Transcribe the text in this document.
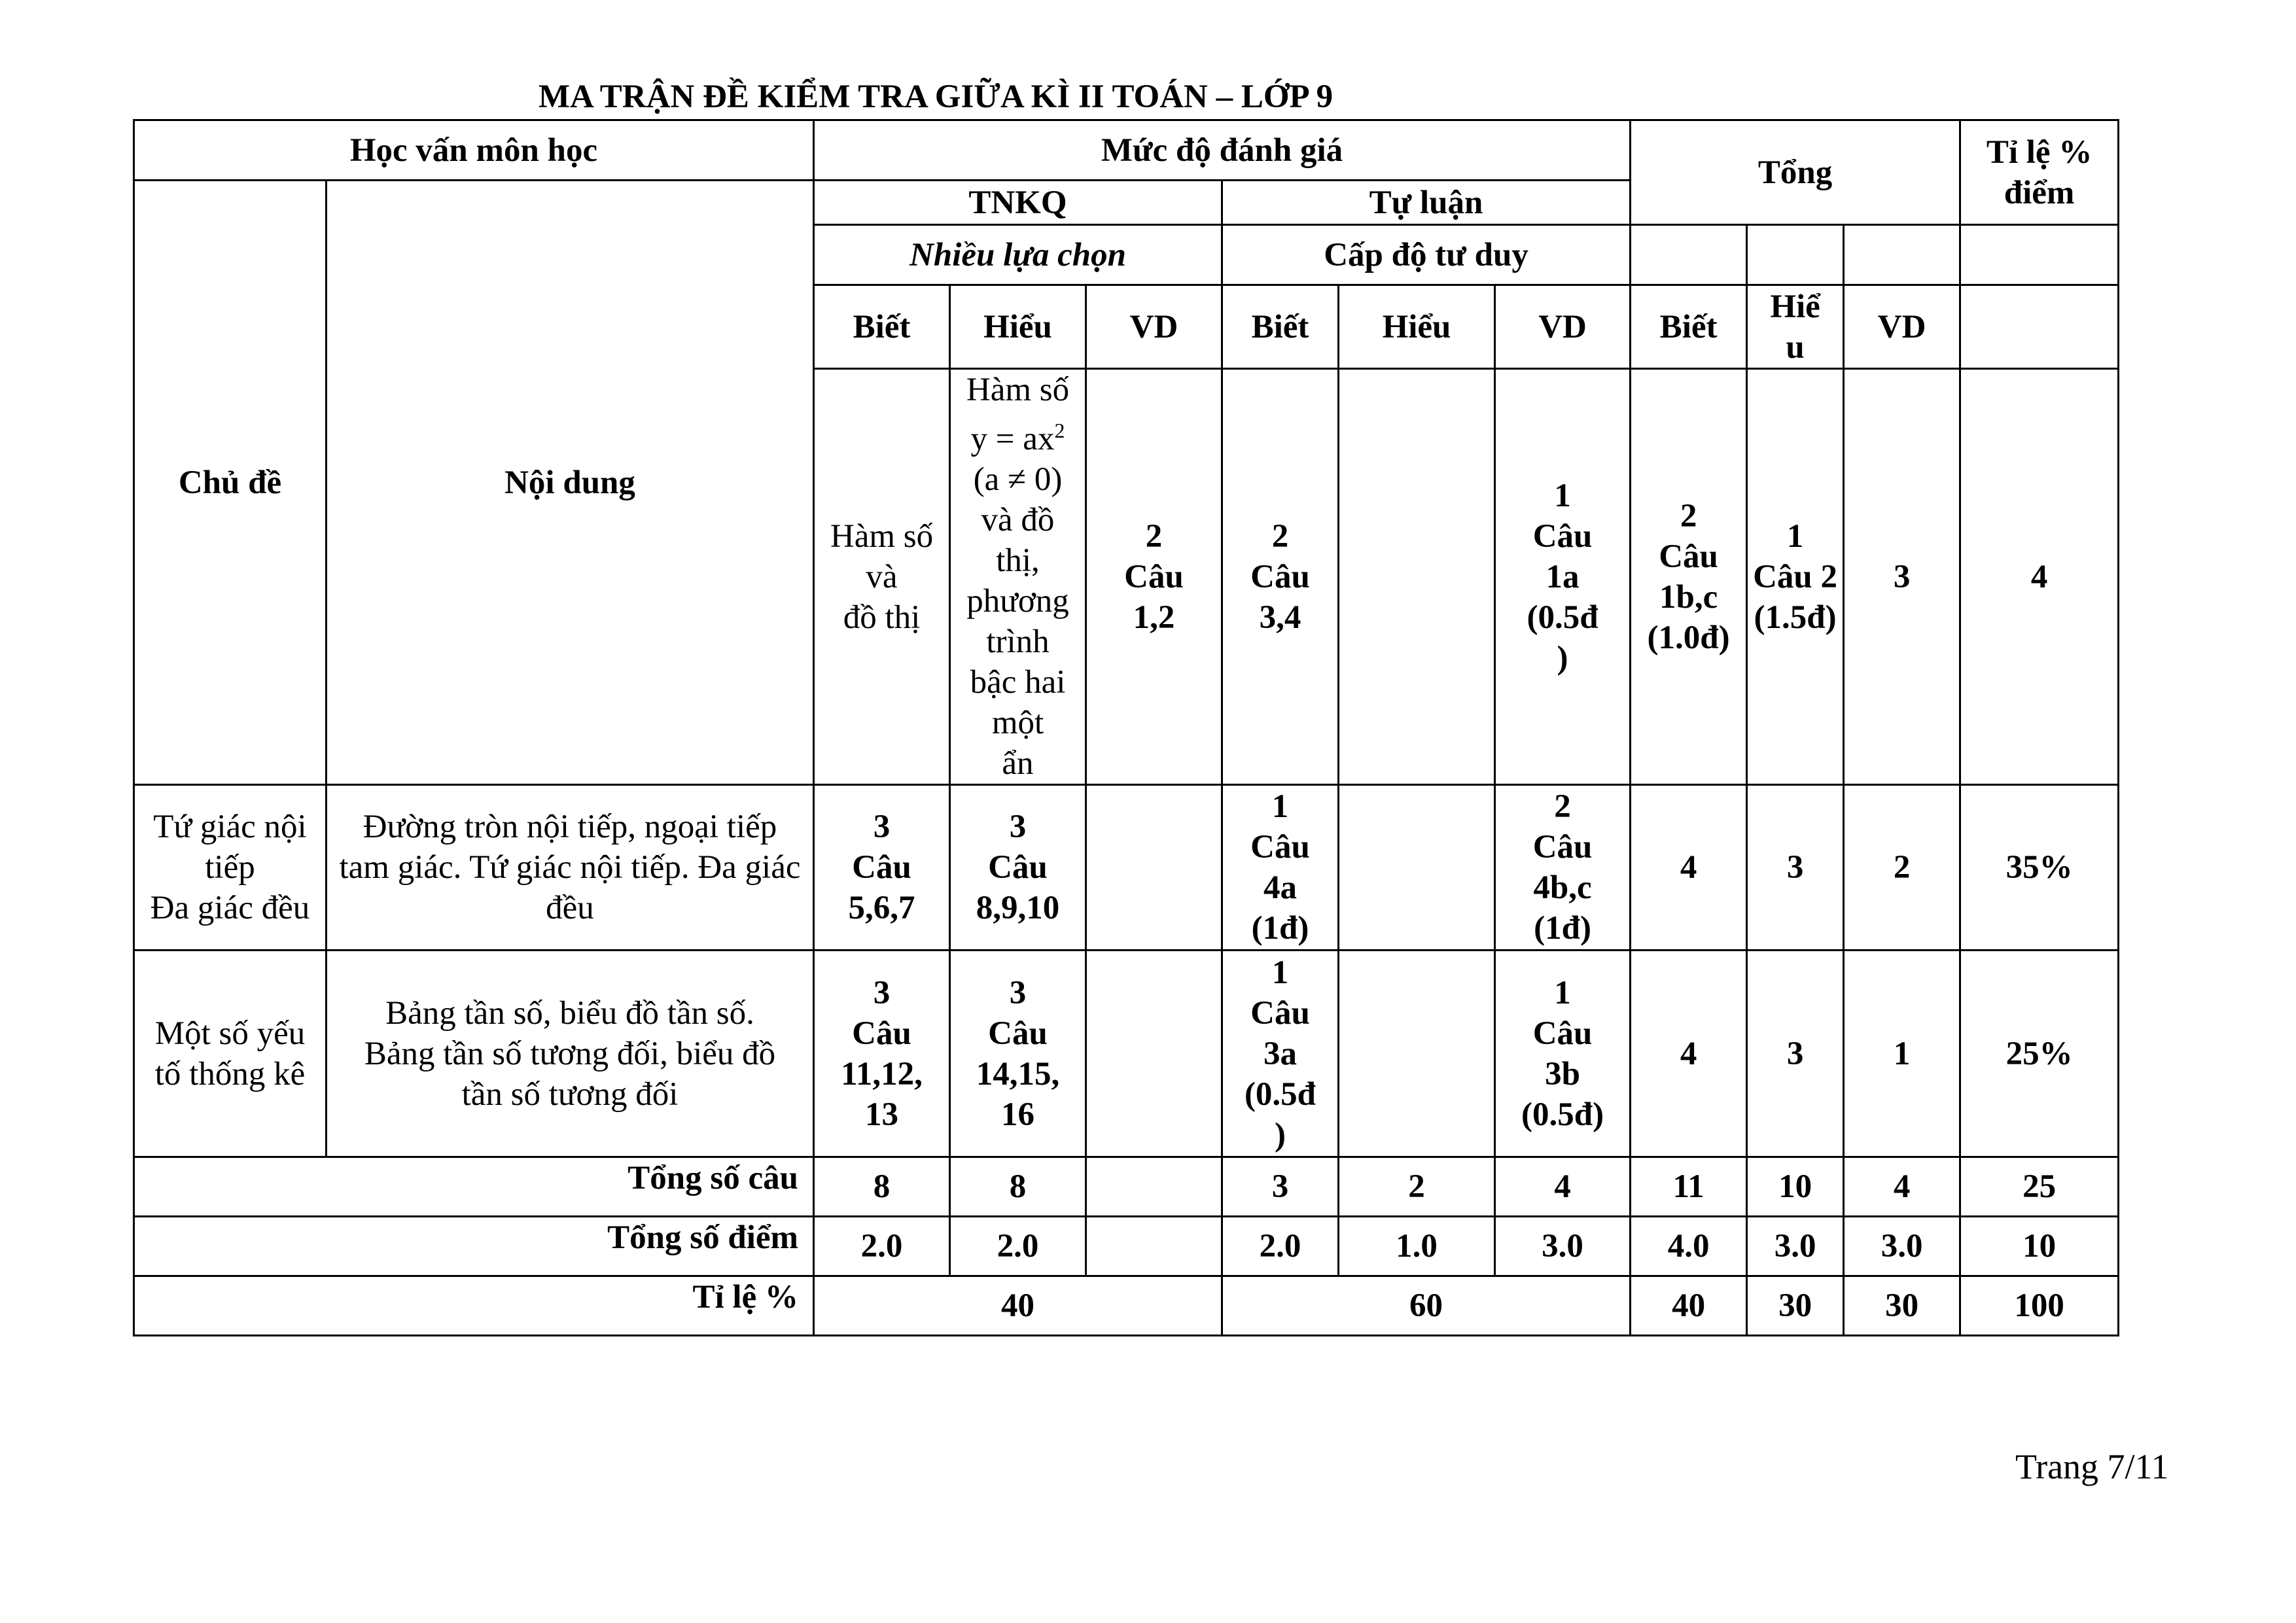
MA TRẬN ĐỀ KIỂM TRA GIỮA KÌ II TOÁN – LỚP 9
Học vấn môn học		Mức độ đánh giá						Tổng			Tỉ lệ %
điểm	

Chủ đề	Nội dung	TNKQ			Tự luận							
		Nhiều lựa chọn			Cấp độ tư duy							
		Biết	Hiểu	VD	Biết	Hiểu	VD	Biết	Hiể
u	VD		

		Hàm số và
đồ thị	Hàm số $y = ax^2$ (a ≠ 0) và đồ
thị, phương trình bậc hai một
ẩn	2
Câu
1,2	2
Câu
3,4		1
Câu
1a
(0.5đ
)	2
Câu
1b,c
(1.0đ)	1
Câu 2
(1.5đ)	3	4		

Tứ giác nội
tiếp
Đa giác đều	Đường tròn nội tiếp, ngoại tiếp
tam giác. Tứ giác nội tiếp. Đa giác
đều	3
Câu
5,6,7	3
Câu
8,9,10		1
Câu
4a
(1đ)		2
Câu
4b,c
(1đ)	4	3	2	35%	

Một số yếu
tố thống kê	Bảng tần số, biểu đồ tần số.
Bảng tần số tương đối, biểu đồ
tần số tương đối	3
Câu
11,12,
13	3
Câu
14,15,
16		1
Câu
3a
(0.5đ
)		1
Câu
3b
(0.5đ)	4	3	1	25%	
Tổng số câu		8	8		3	2	4	11	10	4	25	
Tổng số điểm		2.0	2.0		2.0	1.0	3.0	4.0	3.0	3.0	10	
Tỉ lệ %		40			60			40	30	30	100	
Trang 7/11
